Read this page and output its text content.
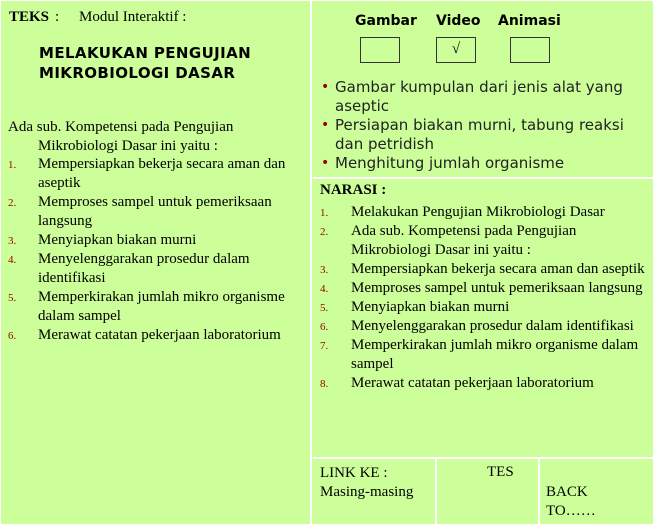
TEKS : Modul Interaktif :
MELAKUKAN PENGUJIAN
MIKROBIOLOGI DASAR
Ada sub. Kompetensi pada Pengujian
Mikrobiologi Dasar ini yaitu :
1. Mempersiapkan bekerja secara aman dan aseptik
2. Memproses sampel untuk pemeriksaan langsung
3. Menyiapkan biakan murni
4. Menyelenggarakan prosedur dalam identifikasi
5. Memperkirakan jumlah mikro organisme dalam sampel
6. Merawat catatan pekerjaan laboratorium
Gambar Video Animasi
√
• Gambar kumpulan dari jenis alat yang aseptic
• Persiapan biakan murni, tabung reaksi dan petridish
• Menghitung jumlah organisme
NARASI :
1. Melakukan Pengujian Mikrobiologi Dasar
2. Ada sub. Kompetensi pada Pengujian Mikrobiologi Dasar ini yaitu :
3. Mempersiapkan bekerja secara aman dan aseptik
4. Memproses sampel untuk pemeriksaan langsung
5. Menyiapkan biakan murni
6. Menyelenggarakan prosedur dalam identifikasi
7. Memperkirakan jumlah mikro organisme dalam sampel
8. Merawat catatan pekerjaan laboratorium
LINK KE :
Masing-masing
TES
BACK
TO……
